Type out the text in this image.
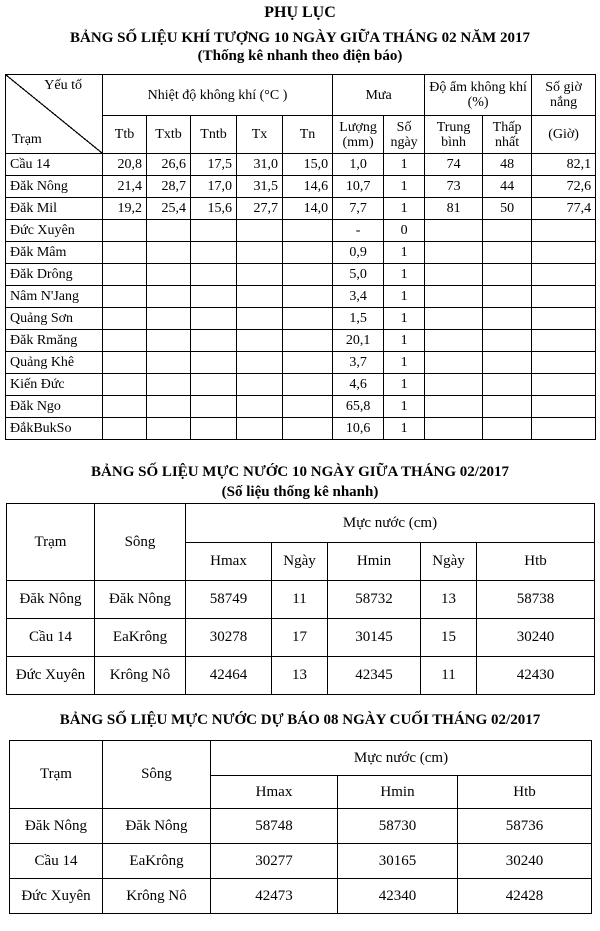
PHỤ LỤC
BẢNG SỐ LIỆU KHÍ TƯỢNG 10 NGÀY GIỮA THÁNG 02 NĂM 2017
(Thống kê nhanh theo điện báo)
Yếu tố
Trạm	Nhiệt độ không khí (°C )					Mưa		Độ ẩm không khí (%)		Số giờ nắng
	Ttb	Txtb	Tntb	Tx	Tn	Lượng (mm)	Số ngày	Trung bình	Thấp nhất	(Giờ)
Cầu 14	20,8	26,6	17,5	31,0	15,0	1,0	1	74	48	82,1
Đăk Nông	21,4	28,7	17,0	31,5	14,6	10,7	1	73	44	72,6
Đăk Mil	19,2	25,4	15,6	27,7	14,0	7,7	1	81	50	77,4
Đức Xuyên						-	0			
Đăk Mâm						0,9	1			
Đăk Drông						5,0	1			
Nâm N'Jang						3,4	1			
Quảng Sơn						1,5	1			
Đăk Rmăng						20,1	1			
Quảng Khê						3,7	1			
Kiến Đức						4,6	1			
Đăk Ngo						65,8	1			
ĐắkBukSo						10,6	1			
BẢNG SỐ LIỆU MỰC NƯỚC 10 NGÀY GIỮA THÁNG 02/2017
(Số liệu thống kê nhanh)
Trạm	Sông	Mực nước (cm)				
		Hmax	Ngày	Hmin	Ngày	Htb
Đăk Nông	Đăk Nông	58749	11	58732	13	58738
Cầu 14	EaKrông	30278	17	30145	15	30240
Đức Xuyên	Krông Nô	42464	13	42345	11	42430
BẢNG SỐ LIỆU MỰC NƯỚC DỰ BÁO 08 NGÀY CUỐI THÁNG 02/2017
Trạm	Sông	Mực nước (cm)		
		Hmax	Hmin	Htb
Đăk Nông	Đăk Nông	58748	58730	58736
Cầu 14	EaKrông	30277	30165	30240
Đức Xuyên	Krông Nô	42473	42340	42428
